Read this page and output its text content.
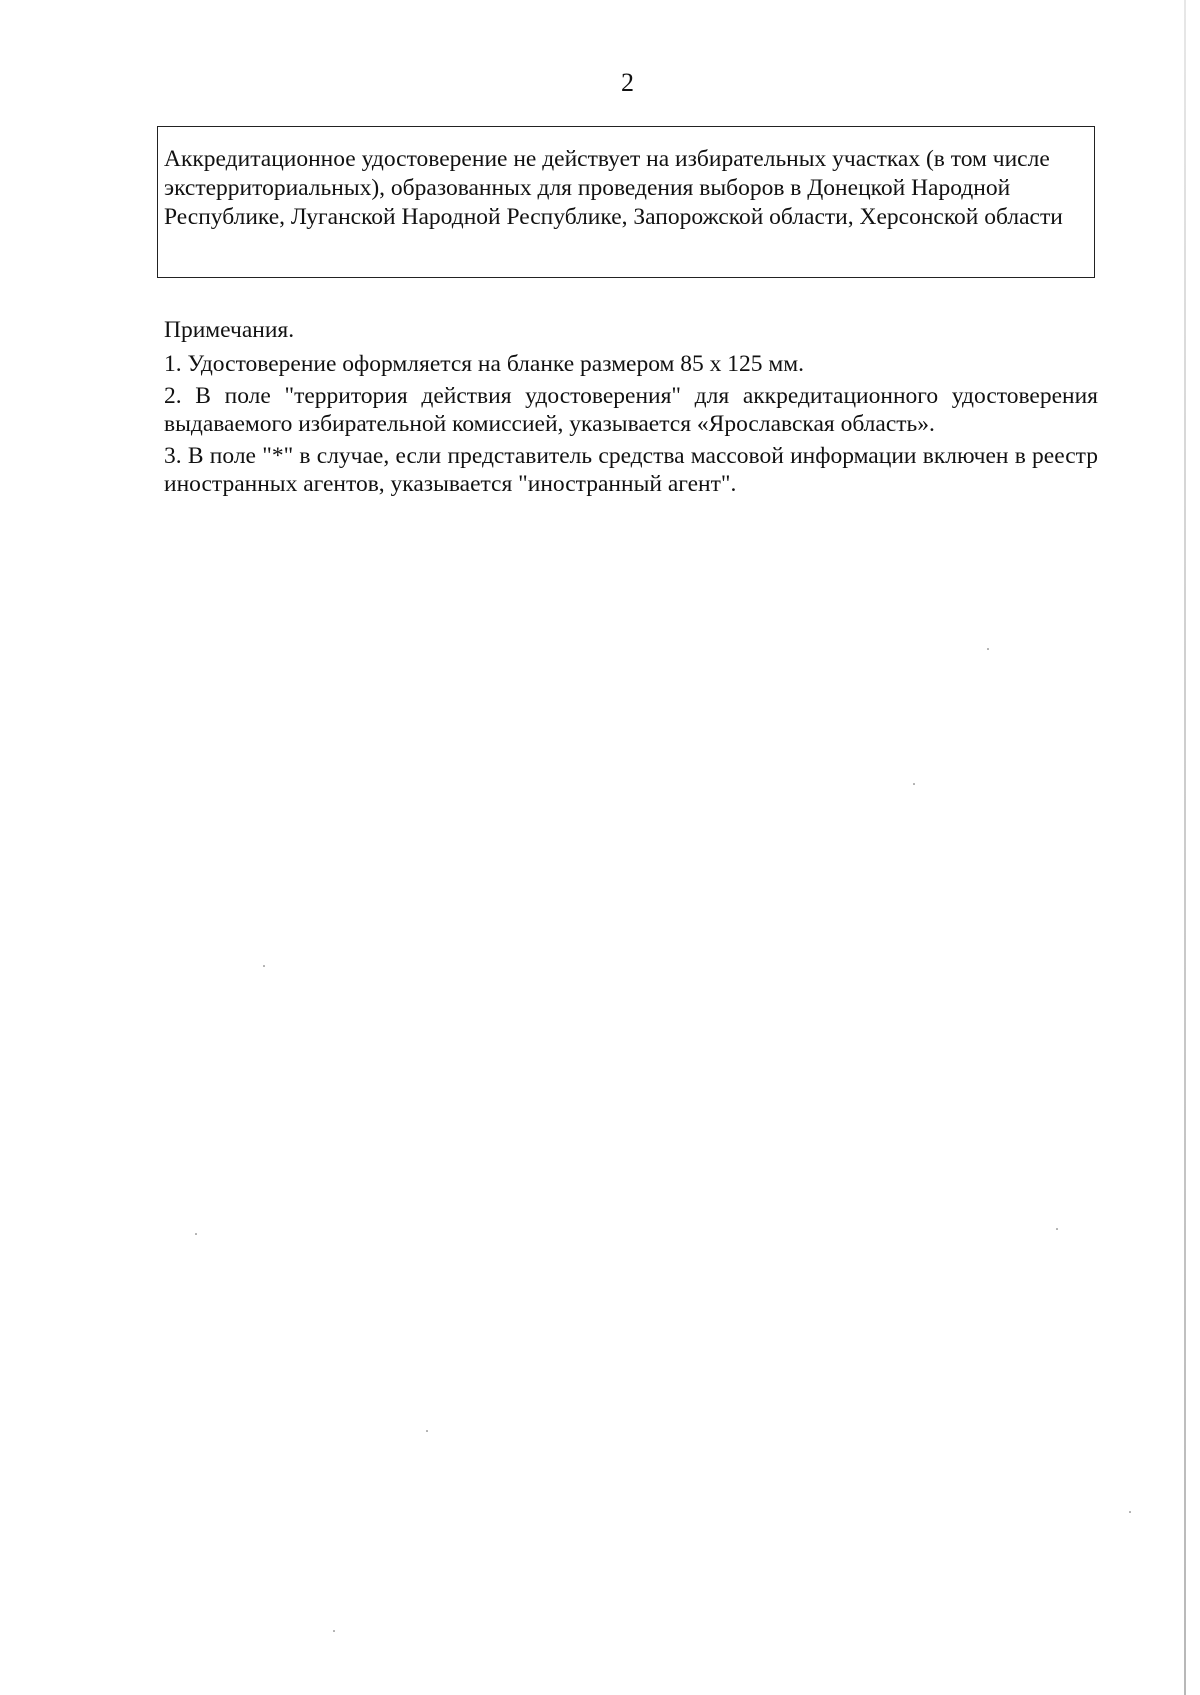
2

Аккредитационное удостоверение не действует на избирательных участках (в том числе экстерриториальных), образованных для проведения выборов в Донецкой Народной Республике, Луганской Народной Республике, Запорожской области, Херсонской области

Примечания.

1. Удостоверение оформляется на бланке размером 85 х 125 мм.

2. В поле "территория действия удостоверения" для аккредитационного удостоверения выдаваемого избирательной комиссией, указывается «Ярославская область».

3. В поле "*" в случае, если представитель средства массовой информации включен в реестр иностранных агентов, указывается "иностранный агент".
